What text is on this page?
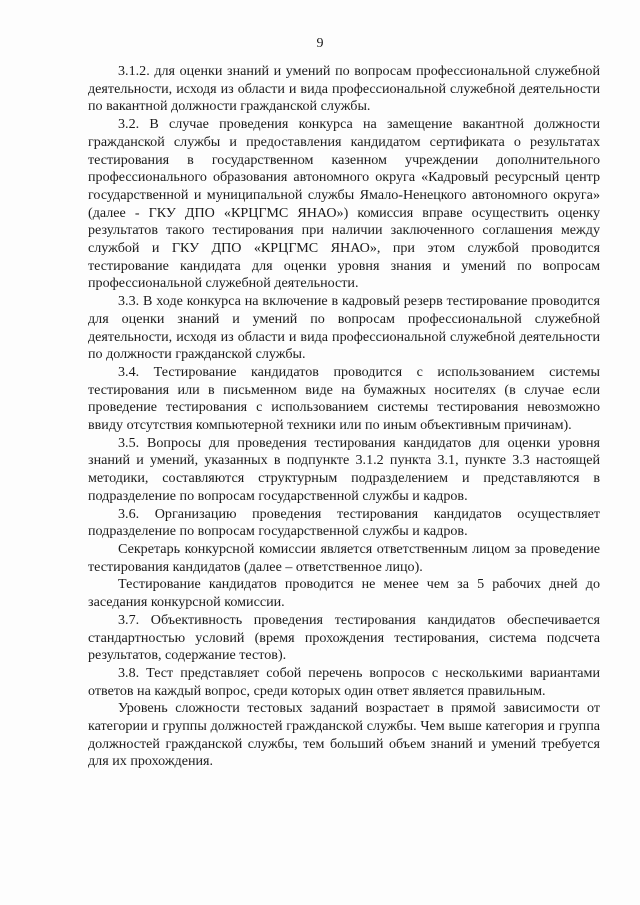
9

3.1.2. для оценки знаний и умений по вопросам профессиональной служебной деятельности, исходя из области и вида профессиональной служебной деятельности по вакантной должности гражданской службы.

3.2. В случае проведения конкурса на замещение вакантной должности гражданской службы и предоставления кандидатом сертификата о результатах тестирования в государственном казенном учреждении дополнительного профессионального образования автономного округа «Кадровый ресурсный центр государственной и муниципальной службы Ямало-Ненецкого автономного округа» (далее - ГКУ ДПО «КРЦГМС ЯНАО») комиссия вправе осуществить оценку результатов такого тестирования при наличии заключенного соглашения между службой и ГКУ ДПО «КРЦГМС ЯНАО», при этом службой проводится тестирование кандидата для оценки уровня знания и умений по вопросам профессиональной служебной деятельности.

3.3. В ходе конкурса на включение в кадровый резерв тестирование проводится для оценки знаний и умений по вопросам профессиональной служебной деятельности, исходя из области и вида профессиональной служебной деятельности по должности гражданской службы.

3.4. Тестирование кандидатов проводится с использованием системы тестирования или в письменном виде на бумажных носителях (в случае если проведение тестирования с использованием системы тестирования невозможно ввиду отсутствия компьютерной техники или по иным объективным причинам).

3.5. Вопросы для проведения тестирования кандидатов для оценки уровня знаний и умений, указанных в подпункте 3.1.2 пункта 3.1, пункте 3.3 настоящей методики, составляются структурным подразделением и представляются в подразделение по вопросам государственной службы и кадров.

3.6. Организацию проведения тестирования кандидатов осуществляет подразделение по вопросам государственной службы и кадров.

Секретарь конкурсной комиссии является ответственным лицом за проведение тестирования кандидатов (далее – ответственное лицо).

Тестирование кандидатов проводится не менее чем за 5 рабочих дней до заседания конкурсной комиссии.

3.7. Объективность проведения тестирования кандидатов обеспечивается стандартностью условий (время прохождения тестирования, система подсчета результатов, содержание тестов).

3.8. Тест представляет собой перечень вопросов с несколькими вариантами ответов на каждый вопрос, среди которых один ответ является правильным.

Уровень сложности тестовых заданий возрастает в прямой зависимости от категории и группы должностей гражданской службы. Чем выше категория и группа должностей гражданской службы, тем больший объем знаний и умений требуется для их прохождения.
